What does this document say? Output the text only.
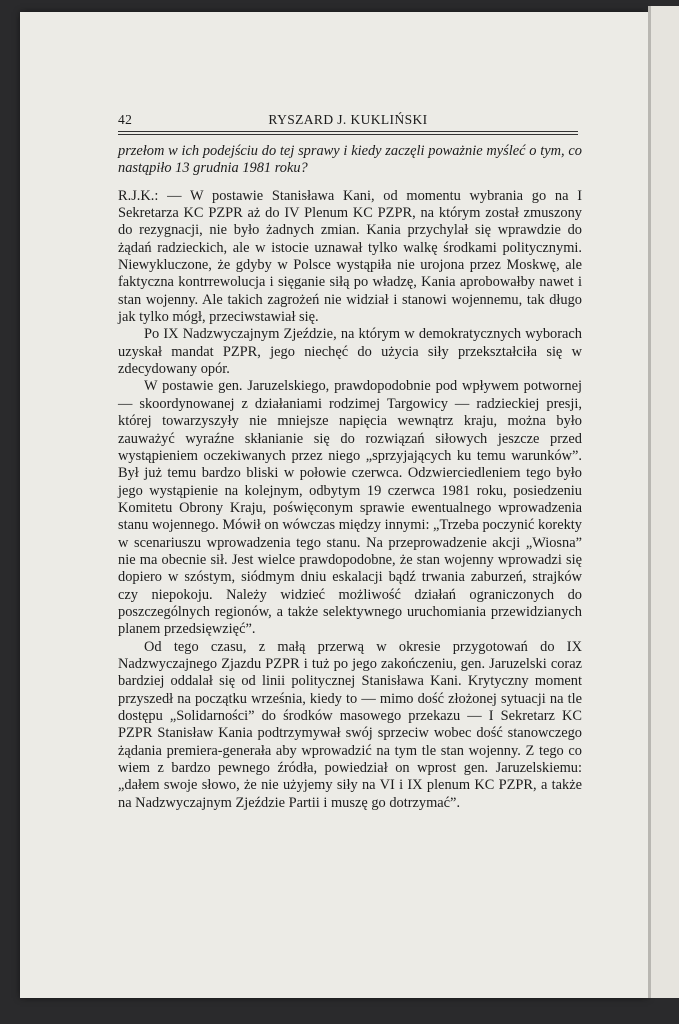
42	RYSZARD J. KUKLIŃSKI

przełom w ich podejściu do tej sprawy i kiedy zaczęli poważnie myśleć o tym, co nastąpiło 13 grudnia 1981 roku?

R.J.K.: — W postawie Stanisława Kani, od momentu wybrania go na I Sekretarza KC PZPR aż do IV Plenum KC PZPR, na którym został zmuszony do rezygnacji, nie było żadnych zmian. Kania przychylał się wprawdzie do żądań radzieckich, ale w istocie uznawał tylko walkę środkami politycznymi. Niewykluczone, że gdyby w Polsce wystąpiła nie urojona przez Moskwę, ale faktyczna kontrrewolucja i sięganie siłą po władzę, Kania aprobowałby nawet i stan wojenny. Ale takich zagrożeń nie widział i stanowi wojennemu, tak długo jak tylko mógł, przeciwstawiał się.

Po IX Nadzwyczajnym Zjeździe, na którym w demokratycznych wyborach uzyskał mandat PZPR, jego niechęć do użycia siły przekształciła się w zdecydowany opór.

W postawie gen. Jaruzelskiego, prawdopodobnie pod wpływem potwornej — skoordynowanej z działaniami rodzimej Targowicy — radzieckiej presji, której towarzyszyły nie mniejsze napięcia wewnątrz kraju, można było zauważyć wyraźne skłanianie się do rozwiązań siłowych jeszcze przed wystąpieniem oczekiwanych przez niego „sprzyjających ku temu warunków”. Był już temu bardzo bliski w połowie czerwca. Odzwierciedleniem tego było jego wystąpienie na kolejnym, odbytym 19 czerwca 1981 roku, posiedzeniu Komitetu Obrony Kraju, poświęconym sprawie ewentualnego wprowadzenia stanu wojennego. Mówił on wówczas między innymi: „Trzeba poczynić korekty w scenariuszu wprowadzenia tego stanu. Na przeprowadzenie akcji „Wiosna” nie ma obecnie sił. Jest wielce prawdopodobne, że stan wojenny wprowadzi się dopiero w szóstym, siódmym dniu eskalacji bądź trwania zaburzeń, strajków czy niepokoju. Należy widzieć możliwość działań ograniczonych do poszczególnych regionów, a także selektywnego uruchomiania przewidzianych planem przedsięwzięć”.

Od tego czasu, z małą przerwą w okresie przygotowań do IX Nadzwyczajnego Zjazdu PZPR i tuż po jego zakończeniu, gen. Jaruzelski coraz bardziej oddalał się od linii politycznej Stanisława Kani. Krytyczny moment przyszedł na początku września, kiedy to — mimo dość złożonej sytuacji na tle dostępu „Solidarności” do środków masowego przekazu — I Sekretarz KC PZPR Stanisław Kania podtrzymywał swój sprzeciw wobec dość stanowczego żądania premiera-generała aby wprowadzić na tym tle stan wojenny. Z tego co wiem z bardzo pewnego źródła, powiedział on wprost gen. Jaruzelskiemu: „dałem swoje słowo, że nie użyjemy siły na VI i IX plenum KC PZPR, a także na Nadzwyczajnym Zjeździe Partii i muszę go dotrzymać”.
